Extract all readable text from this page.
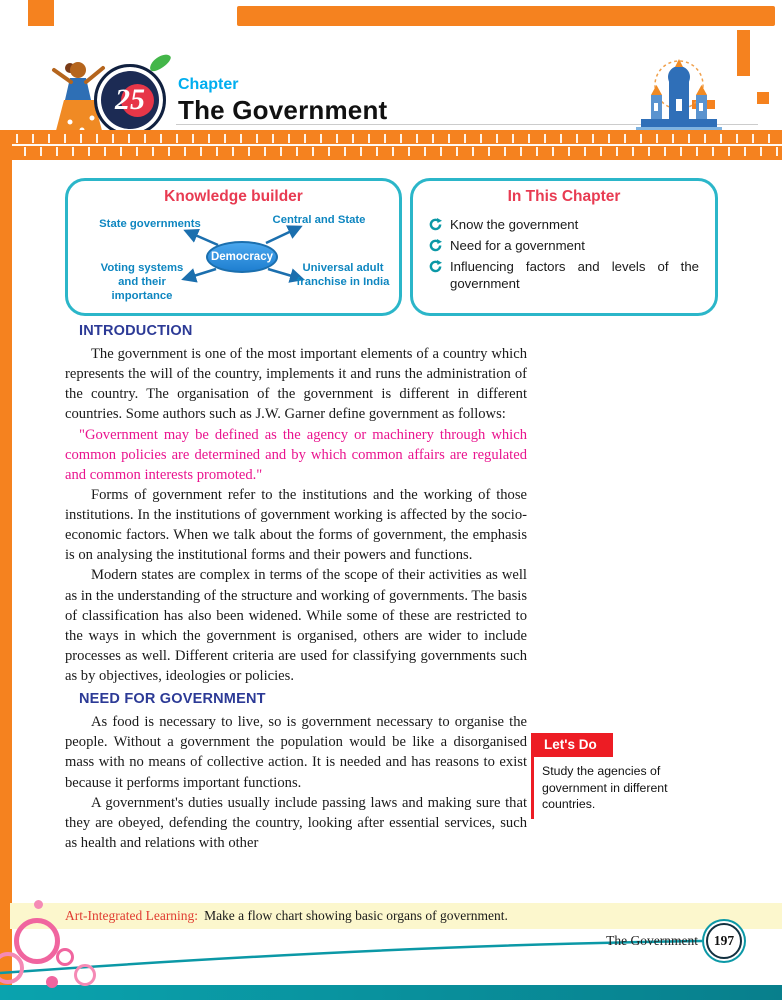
25	Chapter
The Government
Knowledge builder
Democracy
State governments	Central and State
Voting systems and their importance
Universal adult franchise in India
In This Chapter
Know the government
Need for a government
Influencing factors and levels of the government
INTRODUCTION

The government is one of the most important elements of a country which represents the will of the country, implements it and runs the administration of the country. The organisation of the government is different in different countries. Some authors such as J.W. Garner define government as follows:

"Government may be defined as the agency or machinery through which common policies are determined and by which common affairs are regulated and common interests promoted."

Forms of government refer to the institutions and the working of those institutions. In the institutions of government working is affected by the socio-economic factors. When we talk about the forms of government, the emphasis is on analysing the institutional forms and their powers and functions.

Modern states are complex in terms of the scope of their activities as well as in the understanding of the structure and working of governments. The basis of classification has also been widened. While some of these are restricted to the ways in which the government is organised, others are wider to include processes as well. Different criteria are used for classifying governments such as by objectives, ideologies or policies.

NEED FOR GOVERNMENT

As food is necessary to live, so is government necessary to organise the people. Without a government the population would be like a disorganised mass with no means of collective action. It is needed and has reasons to exist because it performs important functions.

A government's duties usually include passing laws and making sure that they are obeyed, defending the country, looking after essential services, such as health and relations with other

Let's Do
Study the agencies of government in different countries.
Art-Integrated Learning: Make a flow chart showing basic organs of government.
The Government	197
